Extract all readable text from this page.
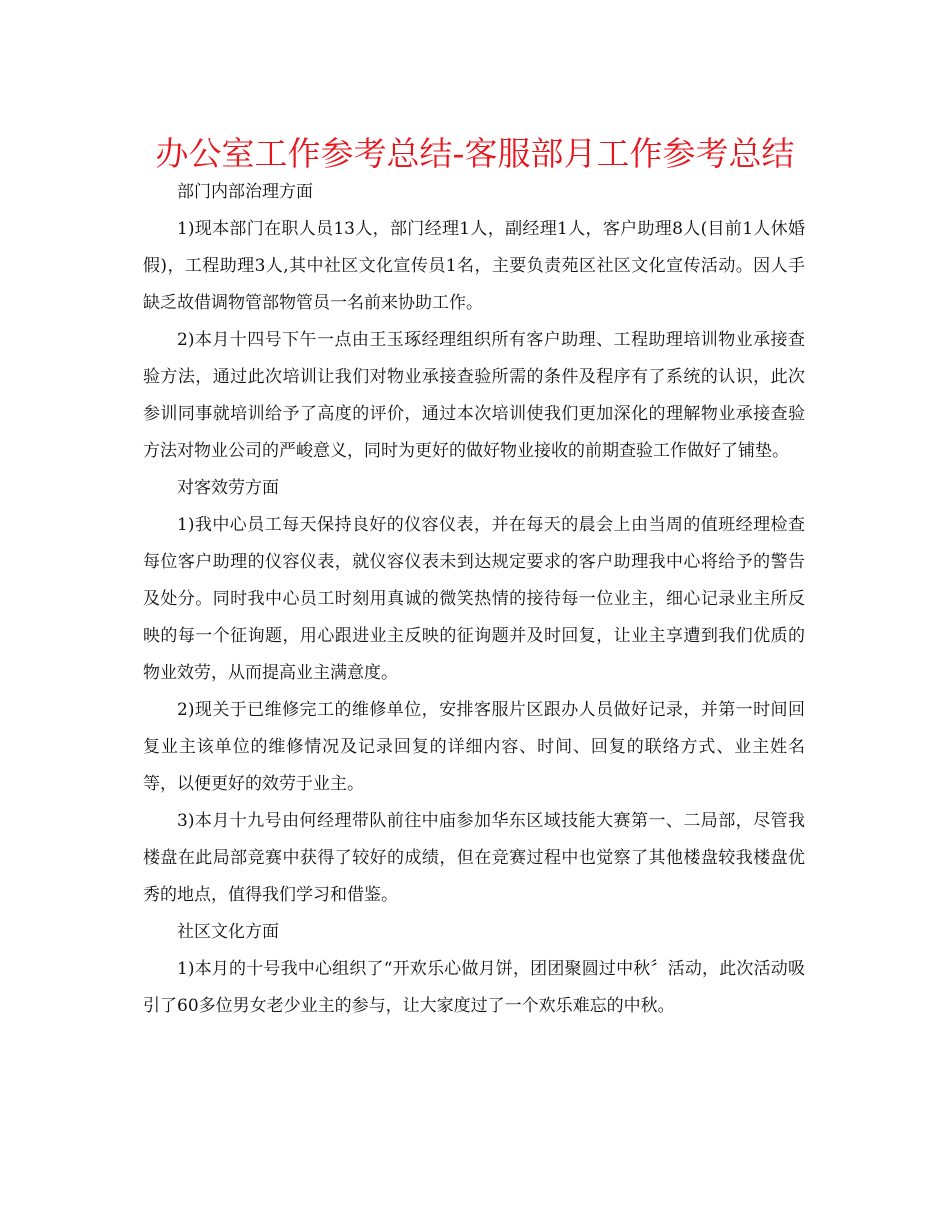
办公室工作参考总结-客服部月工作参考总结

部门内部治理方面

1)现本部门在职人员13人，部门经理1人，副经理1人，客户助理8人(目前1人休婚假)，工程助理3人,其中社区文化宣传员1名，主要负责苑区社区文化宣传活动。因人手缺乏故借调物管部物管员一名前来协助工作。

2)本月十四号下午一点由王玉琢经理组织所有客户助理、工程助理培训物业承接查验方法，通过此次培训让我们对物业承接查验所需的条件及程序有了系统的认识，此次参训同事就培训给予了高度的评价，通过本次培训使我们更加深化的理解物业承接查验方法对物业公司的严峻意义，同时为更好的做好物业接收的前期查验工作做好了铺垫。

对客效劳方面

1)我中心员工每天保持良好的仪容仪表，并在每天的晨会上由当周的值班经理检查每位客户助理的仪容仪表，就仪容仪表未到达规定要求的客户助理我中心将给予的警告及处分。同时我中心员工时刻用真诚的微笑热情的接待每一位业主，细心记录业主所反映的每一个征询题，用心跟进业主反映的征询题并及时回复，让业主享遭到我们优质的物业效劳，从而提高业主满意度。

2)现关于已维修完工的维修单位，安排客服片区跟办人员做好记录，并第一时间回复业主该单位的维修情况及记录回复的详细内容、时间、回复的联络方式、业主姓名等，以便更好的效劳于业主。

3)本月十九号由何经理带队前往中庙参加华东区域技能大赛第一、二局部，尽管我楼盘在此局部竞赛中获得了较好的成绩，但在竞赛过程中也觉察了其他楼盘较我楼盘优秀的地点，值得我们学习和借鉴。

社区文化方面

1)本月的十号我中心组织了“开欢乐心做月饼，团团聚圆过中秋〞活动，此次活动吸引了60多位男女老少业主的参与，让大家度过了一个欢乐难忘的中秋。
